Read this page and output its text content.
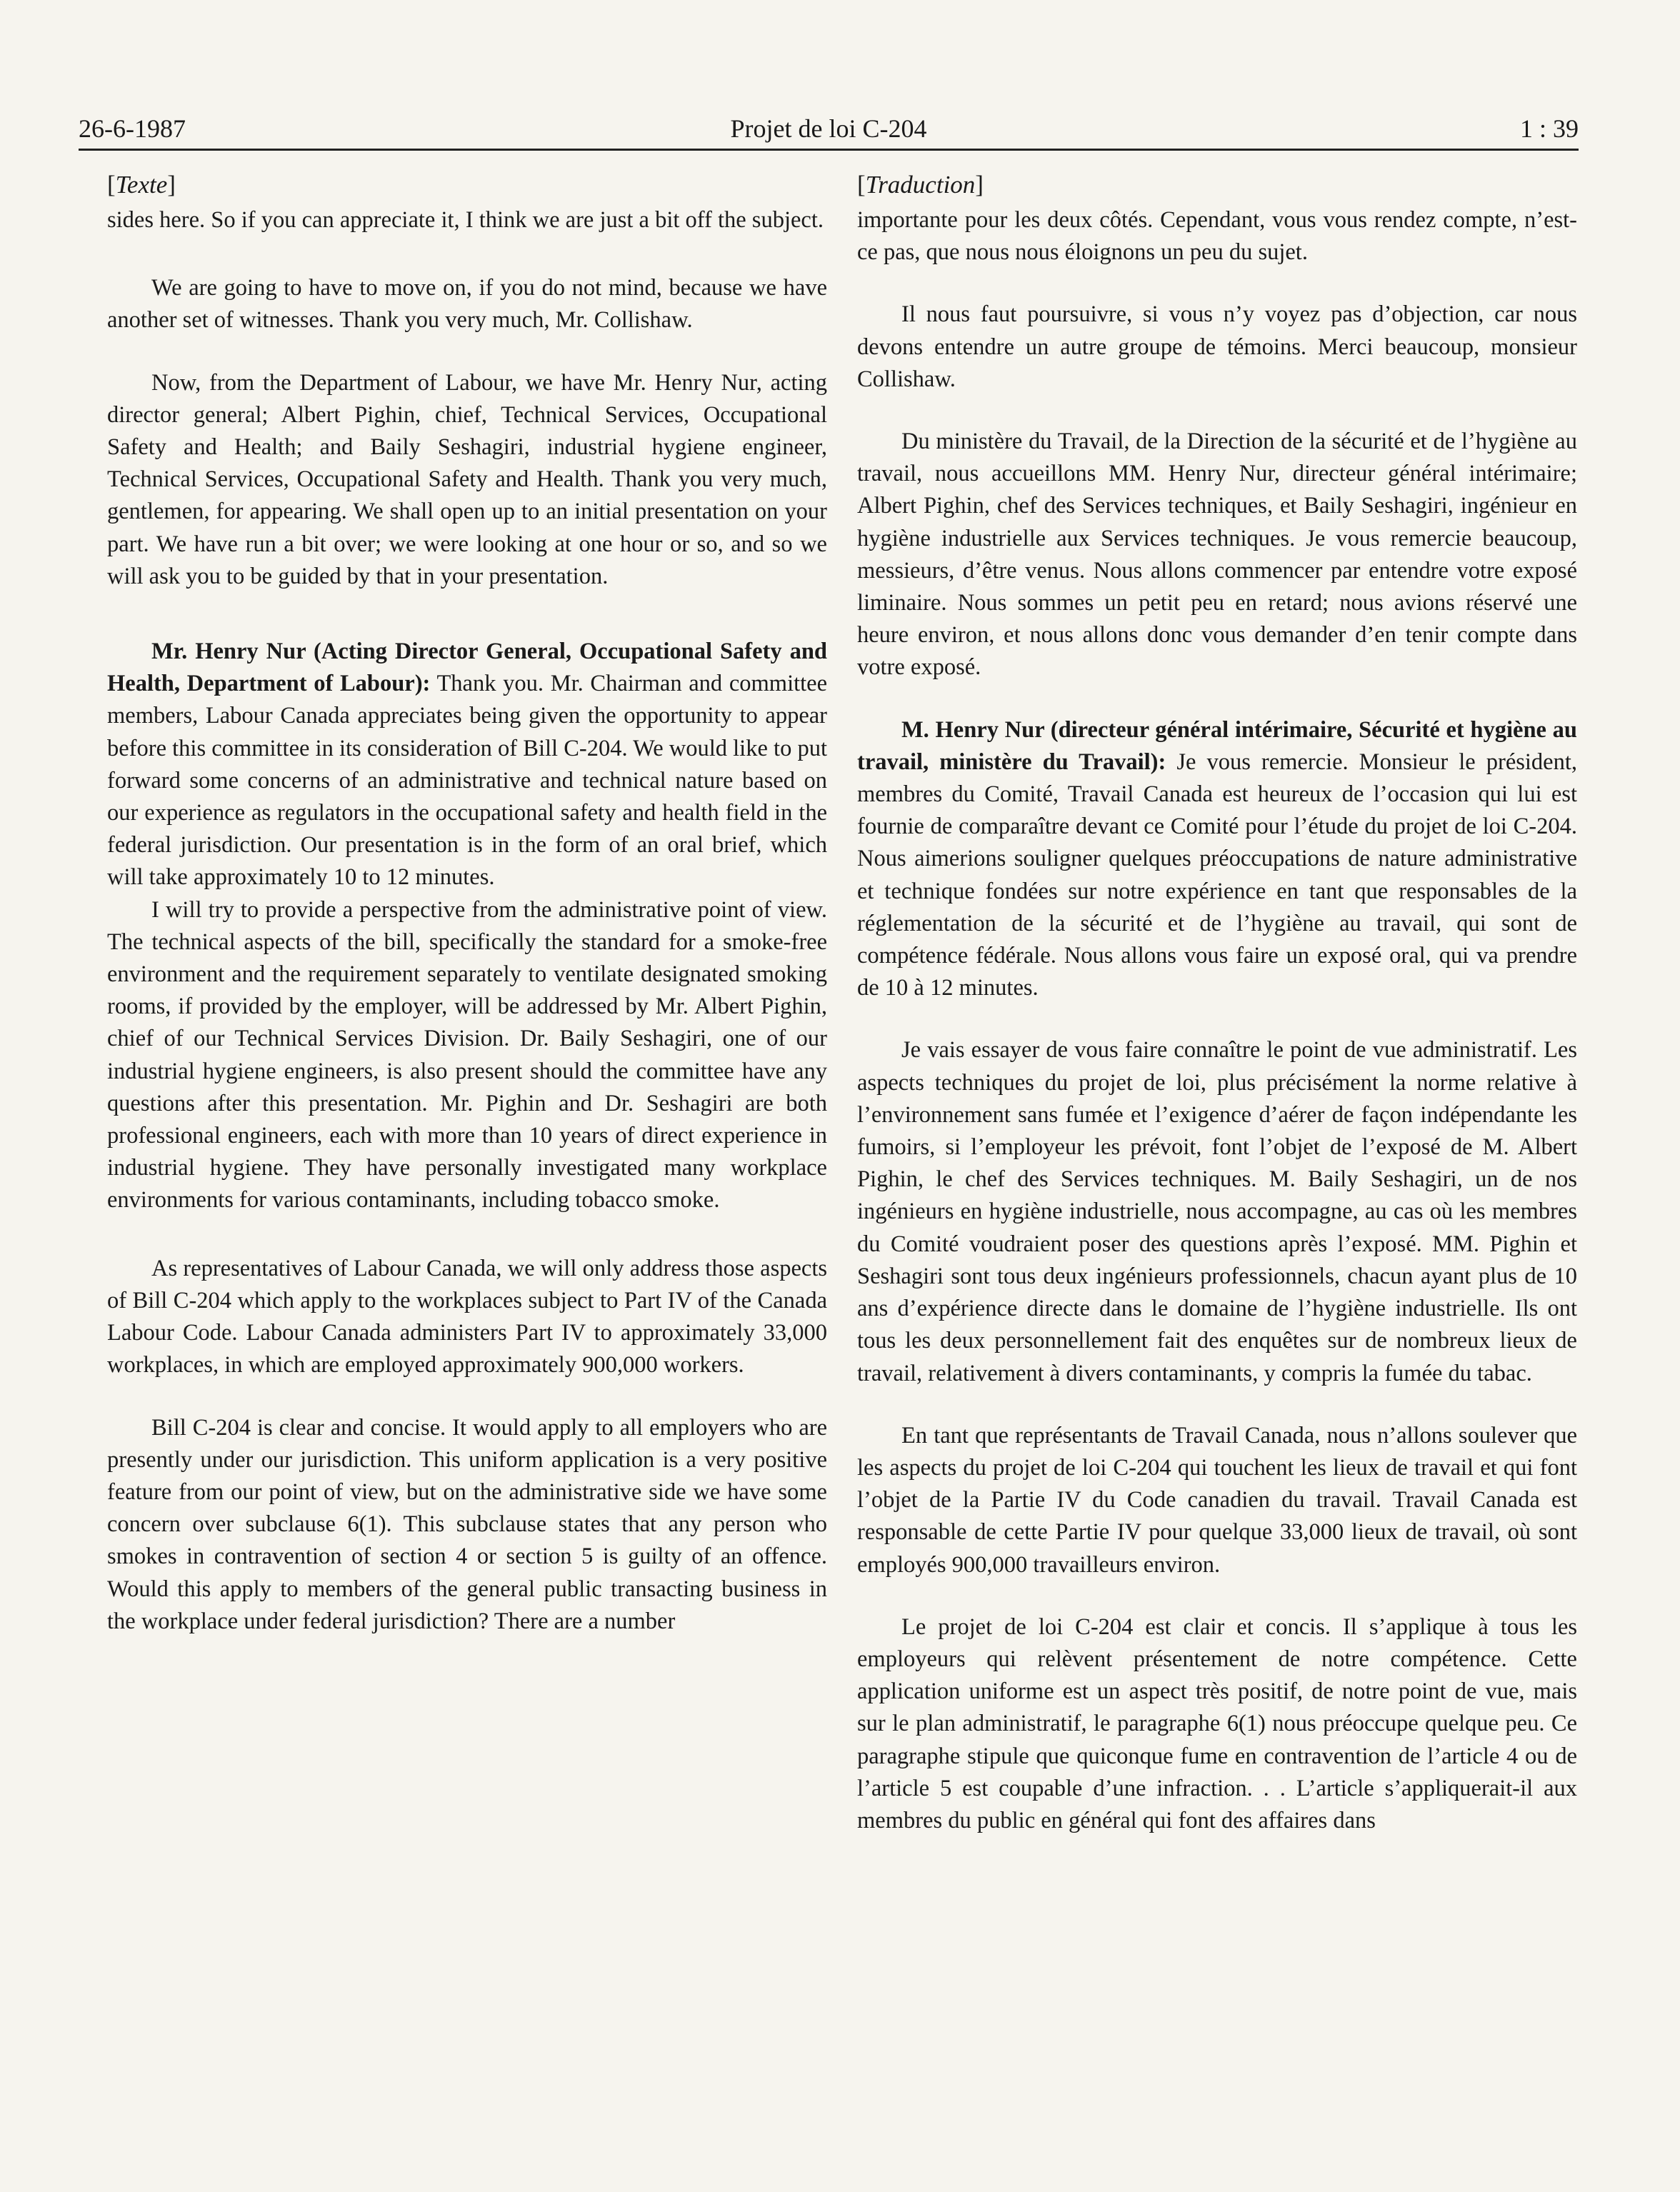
26-6-1987	Projet de loi C-204	1 : 39

[Texte]

sides here. So if you can appreciate it, I think we are just a bit off the subject.

We are going to have to move on, if you do not mind, because we have another set of witnesses. Thank you very much, Mr. Collishaw.

Now, from the Department of Labour, we have Mr. Henry Nur, acting director general; Albert Pighin, chief, Technical Services, Occupational Safety and Health; and Baily Seshagiri, industrial hygiene engineer, Technical Services, Occupational Safety and Health. Thank you very much, gentlemen, for appearing. We shall open up to an initial presentation on your part. We have run a bit over; we were looking at one hour or so, and so we will ask you to be guided by that in your presentation.

Mr. Henry Nur (Acting Director General, Occupational Safety and Health, Department of Labour): Thank you. Mr. Chairman and committee members, Labour Canada appreciates being given the opportunity to appear before this committee in its consideration of Bill C-204. We would like to put forward some concerns of an administrative and technical nature based on our experience as regulators in the occupational safety and health field in the federal jurisdiction. Our presentation is in the form of an oral brief, which will take approximately 10 to 12 minutes.

I will try to provide a perspective from the administrative point of view. The technical aspects of the bill, specifically the standard for a smoke-free environment and the requirement separately to ventilate designated smoking rooms, if provided by the employer, will be addressed by Mr. Albert Pighin, chief of our Technical Services Division. Dr. Baily Seshagiri, one of our industrial hygiene engineers, is also present should the committee have any questions after this presentation. Mr. Pighin and Dr. Seshagiri are both professional engineers, each with more than 10 years of direct experience in industrial hygiene. They have personally investigated many workplace environments for various contaminants, including tobacco smoke.

As representatives of Labour Canada, we will only address those aspects of Bill C-204 which apply to the workplaces subject to Part IV of the Canada Labour Code. Labour Canada administers Part IV to approximately 33,000 workplaces, in which are employed approximately 900,000 workers.

Bill C-204 is clear and concise. It would apply to all employers who are presently under our jurisdiction. This uniform application is a very positive feature from our point of view, but on the administrative side we have some concern over subclause 6(1). This subclause states that any person who smokes in contravention of section 4 or section 5 is guilty of an offence. Would this apply to members of the general public transacting business in the workplace under federal jurisdiction? There are a number

[Traduction]

importante pour les deux côtés. Cependant, vous vous rendez compte, n’est-ce pas, que nous nous éloignons un peu du sujet.

Il nous faut poursuivre, si vous n’y voyez pas d’objection, car nous devons entendre un autre groupe de témoins. Merci beaucoup, monsieur Collishaw.

Du ministère du Travail, de la Direction de la sécurité et de l’hygiène au travail, nous accueillons MM. Henry Nur, directeur général intérimaire; Albert Pighin, chef des Services techniques, et Baily Seshagiri, ingénieur en hygiène industrielle aux Services techniques. Je vous remercie beaucoup, messieurs, d’être venus. Nous allons commencer par entendre votre exposé liminaire. Nous sommes un petit peu en retard; nous avions réservé une heure environ, et nous allons donc vous demander d’en tenir compte dans votre exposé.

M. Henry Nur (directeur général intérimaire, Sécurité et hygiène au travail, ministère du Travail): Je vous remercie. Monsieur le président, membres du Comité, Travail Canada est heureux de l’occasion qui lui est fournie de comparaître devant ce Comité pour l’étude du projet de loi C-204. Nous aimerions souligner quelques préoccupations de nature administrative et technique fondées sur notre expérience en tant que responsables de la réglementation de la sécurité et de l’hygiène au travail, qui sont de compétence fédérale. Nous allons vous faire un exposé oral, qui va prendre de 10 à 12 minutes.

Je vais essayer de vous faire connaître le point de vue administratif. Les aspects techniques du projet de loi, plus précisément la norme relative à l’environnement sans fumée et l’exigence d’aérer de façon indépendante les fumoirs, si l’employeur les prévoit, font l’objet de l’exposé de M. Albert Pighin, le chef des Services techniques. M. Baily Seshagiri, un de nos ingénieurs en hygiène industrielle, nous accompagne, au cas où les membres du Comité voudraient poser des questions après l’exposé. MM. Pighin et Seshagiri sont tous deux ingénieurs professionnels, chacun ayant plus de 10 ans d’expérience directe dans le domaine de l’hygiène industrielle. Ils ont tous les deux personnellement fait des enquêtes sur de nombreux lieux de travail, relativement à divers contaminants, y compris la fumée du tabac.

En tant que représentants de Travail Canada, nous n’allons soulever que les aspects du projet de loi C-204 qui touchent les lieux de travail et qui font l’objet de la Partie IV du Code canadien du travail. Travail Canada est responsable de cette Partie IV pour quelque 33,000 lieux de travail, où sont employés 900,000 travailleurs environ.

Le projet de loi C-204 est clair et concis. Il s’applique à tous les employeurs qui relèvent présentement de notre compétence. Cette application uniforme est un aspect très positif, de notre point de vue, mais sur le plan administratif, le paragraphe 6(1) nous préoccupe quelque peu. Ce paragraphe stipule que quiconque fume en contravention de l’article 4 ou de l’article 5 est coupable d’une infraction. . . L’article s’appliquerait-il aux membres du public en général qui font des affaires dans
